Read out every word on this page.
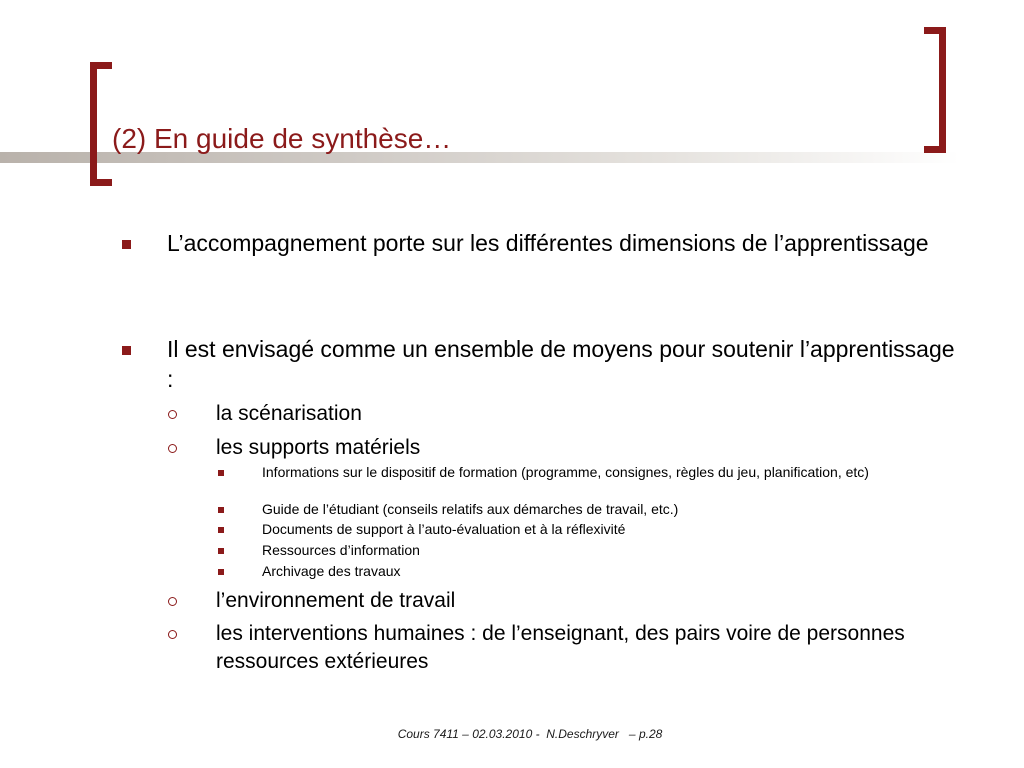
(2) En guide de synthèse…
L’accompagnement porte sur les différentes dimensions de l’apprentissage
Il est envisagé comme un ensemble de moyens pour soutenir l’apprentissage :
la scénarisation
les supports matériels
Informations sur le dispositif de formation (programme, consignes, règles du jeu, planification, etc)
Guide de l’étudiant (conseils relatifs aux démarches de travail, etc.)
Documents de support à l’auto-évaluation et à la réflexivité
Ressources d’information
Archivage des travaux
l’environnement de travail
les interventions humaines : de l’enseignant, des pairs voire de personnes ressources extérieures
Cours 7411 – 02.03.2010 -  N.Deschryver   – p.28
